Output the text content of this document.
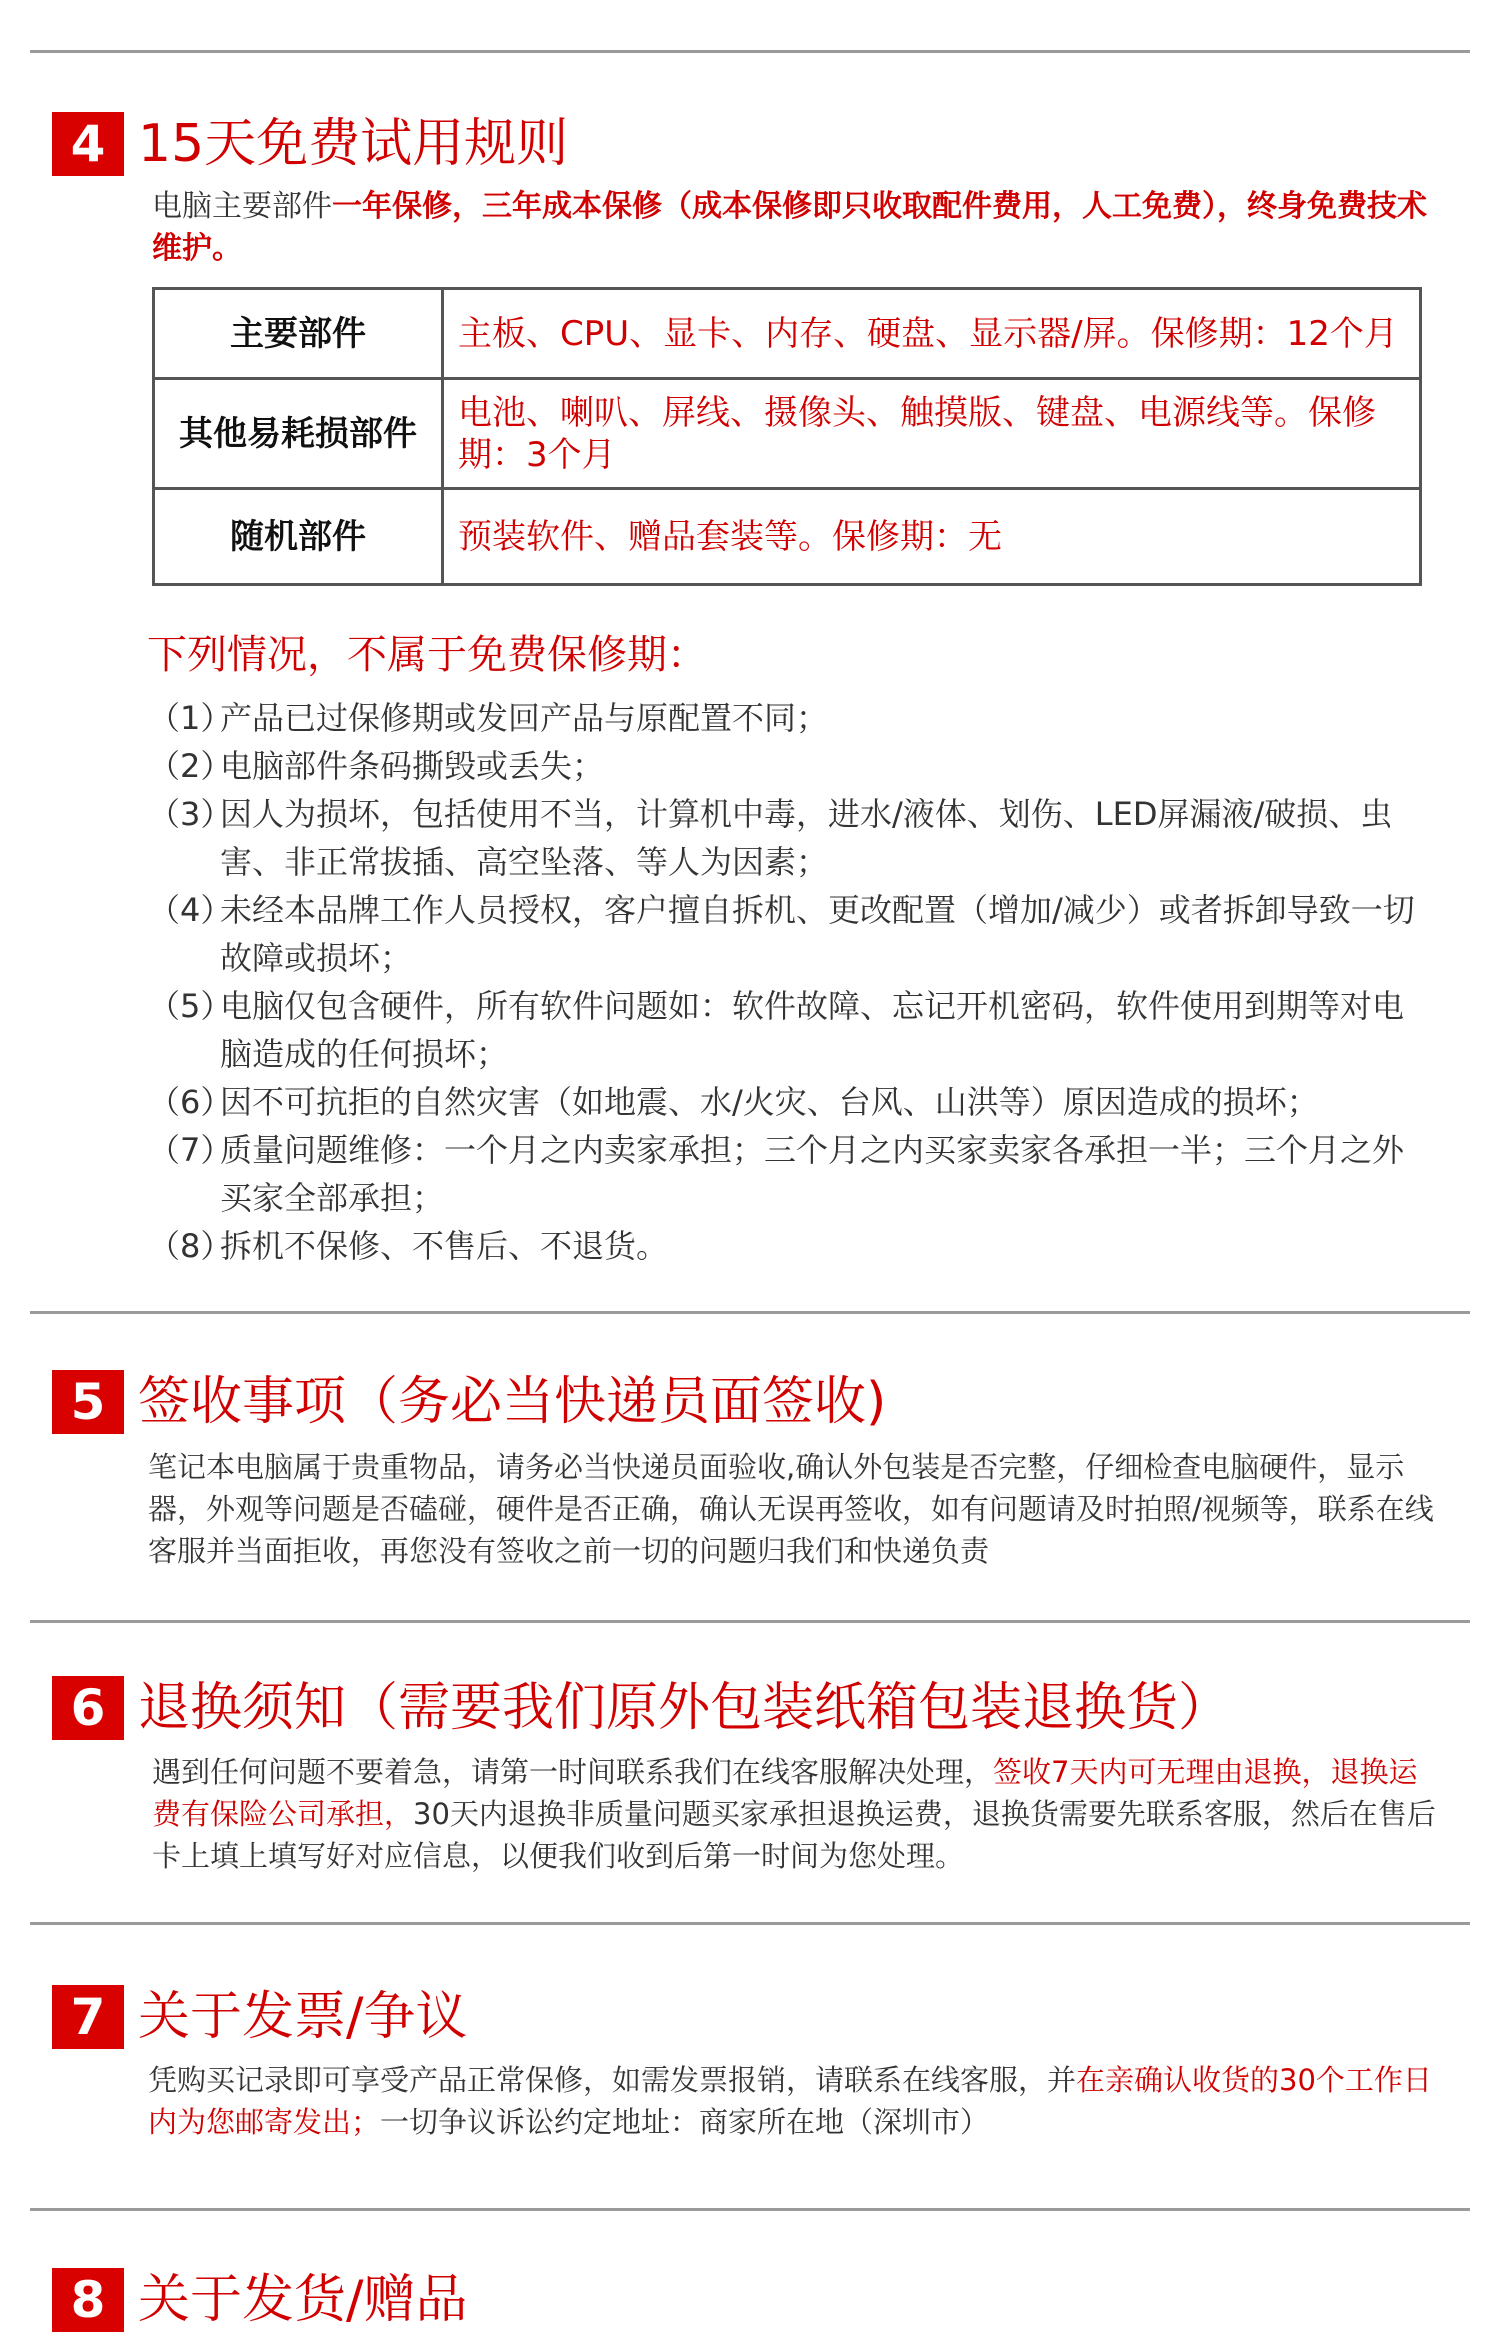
4 15天免费试用规则
电脑主要部件一年保修，三年成本保修（成本保修即只收取配件费用，人工免费），终身免费技术维护。
主要部件	主板、CPU、显卡、内存、硬盘、显示器/屏。保修期：12个月
其他易耗损部件	电池、喇叭、屏线、摄像头、触摸版、键盘、电源线等。保修期：3个月
随机部件	预装软件、赠品套装等。保修期：无
下列情况，不属于免费保修期：
（1）
产品已过保修期或发回产品与原配置不同；
（2）
电脑部件条码撕毁或丢失；
（3）
因人为损坏，包括使用不当，计算机中毒，进水/液体、划伤、LED屏漏液/破损、虫害、非正常拔插、高空坠落、等人为因素；
（4）
未经本品牌工作人员授权，客户擅自拆机、更改配置（增加/减少）或者拆卸导致一切故障或损坏；
（5）
电脑仅包含硬件，所有软件问题如：软件故障、忘记开机密码，软件使用到期等对电脑造成的任何损坏；
（6）
因不可抗拒的自然灾害（如地震、水/火灾、台风、山洪等）原因造成的损坏；
（7）
质量问题维修：一个月之内卖家承担；三个月之内买家卖家各承担一半；三个月之外买家全部承担；
（8）
拆机不保修、不售后、不退货。
5 签收事项（务必当快递员面签收)
笔记本电脑属于贵重物品，请务必当快递员面验收,确认外包装是否完整，仔细检查电脑硬件，显示器，外观等问题是否磕碰，硬件是否正确，确认无误再签收，如有问题请及时拍照/视频等，联系在线客服并当面拒收，再您没有签收之前一切的问题归我们和快递负责
6 退换须知（需要我们原外包装纸箱包装退换货）
遇到任何问题不要着急，请第一时间联系我们在线客服解决处理，签收7天内可无理由退换，退换运费有保险公司承担，30天内退换非质量问题买家承担退换运费，退换货需要先联系客服，然后在售后卡上填上填写好对应信息，以便我们收到后第一时间为您处理。
7 关于发票/争议
凭购买记录即可享受产品正常保修，如需发票报销，请联系在线客服，并在亲确认收货的30个工作日内为您邮寄发出；一切争议诉讼约定地址：商家所在地（深圳市）
8 关于发货/赠品
